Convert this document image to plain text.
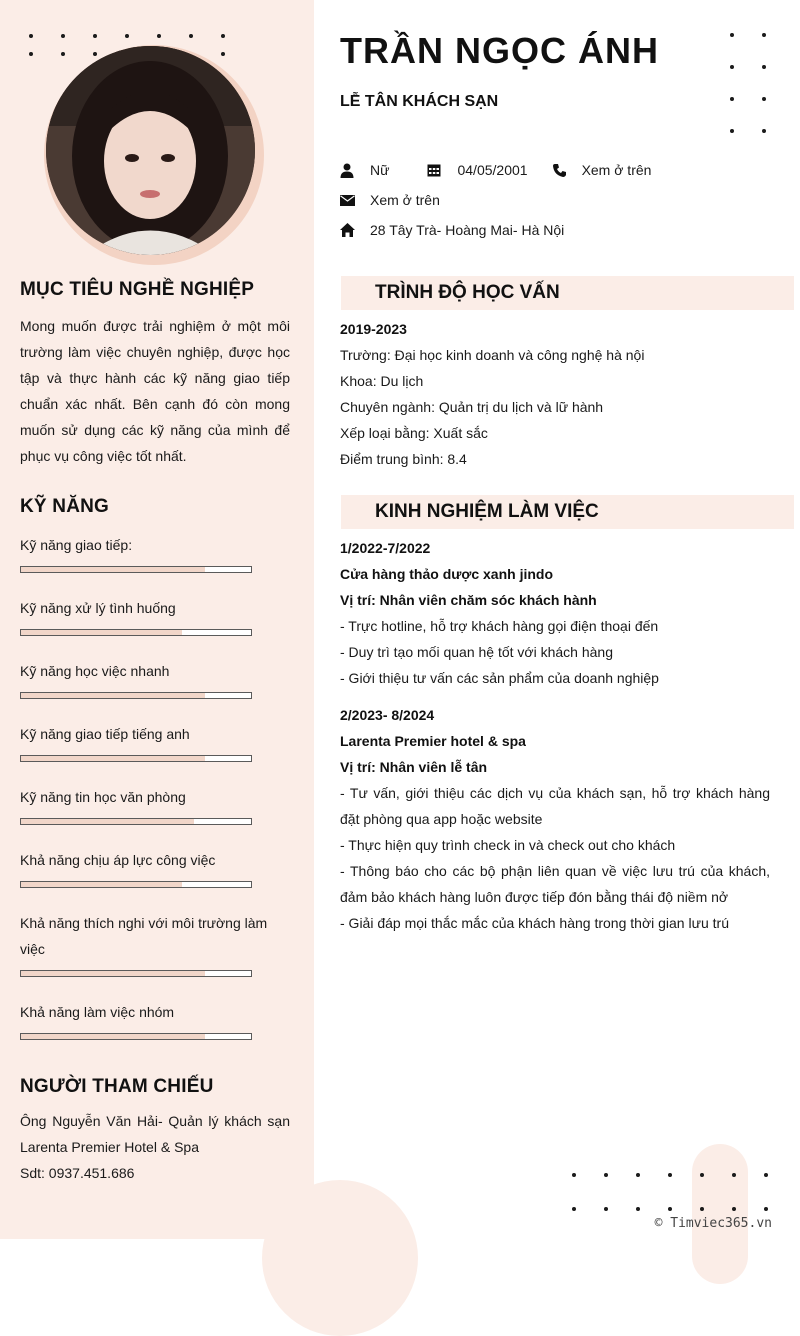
MỤC TIÊU NGHỀ NGHIỆP
Mong muốn được trải nghiệm ở một môi trường làm việc chuyên nghiệp, được học tập và thực hành các kỹ năng giao tiếp chuẩn xác nhất. Bên cạnh đó còn mong muốn sử dụng các kỹ năng của mình để phục vụ công việc tốt nhất.
KỸ NĂNG
Kỹ năng giao tiếp:
Kỹ năng xử lý tình huống
Kỹ năng học việc nhanh
Kỹ năng giao tiếp tiếng anh
Kỹ năng tin học văn phòng
Khả năng chịu áp lực công việc
Khả năng thích nghi với môi trường làm việc
Khả năng làm việc nhóm
NGƯỜI THAM CHIẾU
Ông Nguyễn Văn Hải- Quản lý khách sạn Larenta Premier Hotel & Spa
Sdt: 0937.451.686
TRẦN NGỌC ÁNH
LỄ TÂN KHÁCH SẠN
Nữ	04/05/2001	Xem ở trên
Xem ở trên
28 Tây Trà- Hoàng Mai- Hà Nội
TRÌNH ĐỘ HỌC VẤN
2019-2023
Trường: Đại học kinh doanh và công nghệ hà nội
Khoa: Du lịch
Chuyên ngành: Quản trị du lịch và lữ hành
Xếp loại bằng: Xuất sắc
Điểm trung bình: 8.4
KINH NGHIỆM LÀM VIỆC
1/2022-7/2022
Cửa hàng thảo dược xanh jindo
Vị trí: Nhân viên chăm sóc khách hành
- Trực hotline, hỗ trợ khách hàng gọi điện thoại đến
- Duy trì tạo mối quan hệ tốt với khách hàng
- Giới thiệu tư vấn các sản phẩm của doanh nghiệp
2/2023- 8/2024
Larenta Premier hotel & spa
Vị trí: Nhân viên lễ tân
- Tư vấn, giới thiệu các dịch vụ của khách sạn, hỗ trợ khách hàng đặt phòng qua app hoặc website
- Thực hiện quy trình check in và check out cho khách
- Thông báo cho các bộ phận liên quan về việc lưu trú của khách, đảm bảo khách hàng luôn được tiếp đón bằng thái độ niềm nở
- Giải đáp mọi thắc mắc của khách hàng trong thời gian lưu trú
© Timviec365.vn
